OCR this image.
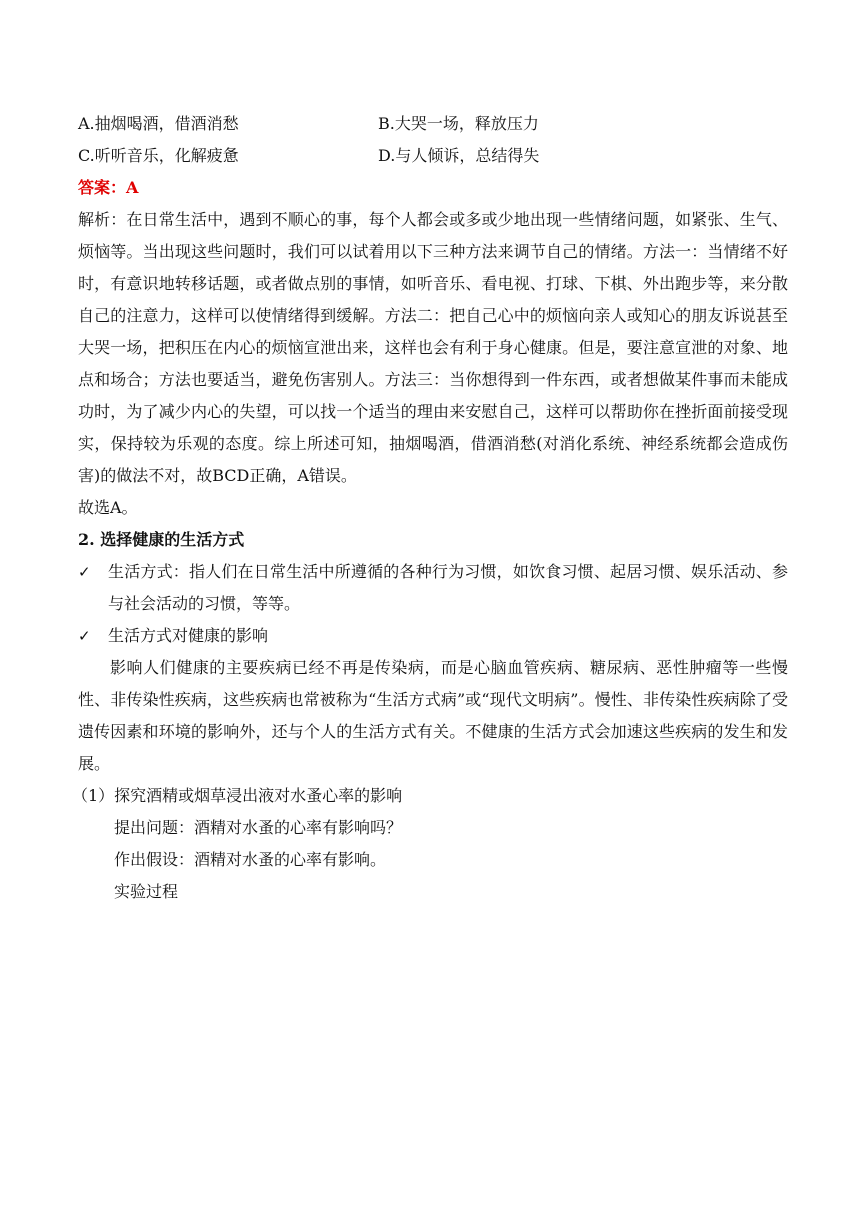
A.抽烟喝酒，借酒消愁	B.大哭一场，释放压力
C.听听音乐，化解疲惫	D.与人倾诉，总结得失
答案：A

解析：在日常生活中，遇到不顺心的事，每个人都会或多或少地出现一些情绪问题，如紧张、生气、烦恼等。当出现这些问题时，我们可以试着用以下三种方法来调节自己的情绪。方法一：当情绪不好时，有意识地转移话题，或者做点别的事情，如听音乐、看电视、打球、下棋、外出跑步等，来分散自己的注意力，这样可以使情绪得到缓解。方法二：把自己心中的烦恼向亲人或知心的朋友诉说甚至大哭一场，把积压在内心的烦恼宣泄出来，这样也会有利于身心健康。但是，要注意宣泄的对象、地点和场合；方法也要适当，避免伤害别人。方法三：当你想得到一件东西，或者想做某件事而未能成功时，为了减少内心的失望，可以找一个适当的理由来安慰自己，这样可以帮助你在挫折面前接受现实，保持较为乐观的态度。综上所述可知，抽烟喝酒，借酒消愁(对消化系统、神经系统都会造成伤害)的做法不对，故BCD正确，A错误。

故选A。
2. 选择健康的生活方式
✓	生活方式：指人们在日常生活中所遵循的各种行为习惯，如饮食习惯、起居习惯、娱乐活动、参与社会活动的习惯，等等。
✓	生活方式对健康的影响

影响人们健康的主要疾病已经不再是传染病，而是心脑血管疾病、糖尿病、恶性肿瘤等一些慢性、非传染性疾病，这些疾病也常被称为“生活方式病”或“现代文明病”。慢性、非传染性疾病除了受遗传因素和环境的影响外，还与个人的生活方式有关。不健康的生活方式会加速这些疾病的发生和发展。

（1）探究酒精或烟草浸出液对水蚤心率的影响
提出问题：酒精对水蚤的心率有影响吗？
作出假设：酒精对水蚤的心率有影响。
实验过程
